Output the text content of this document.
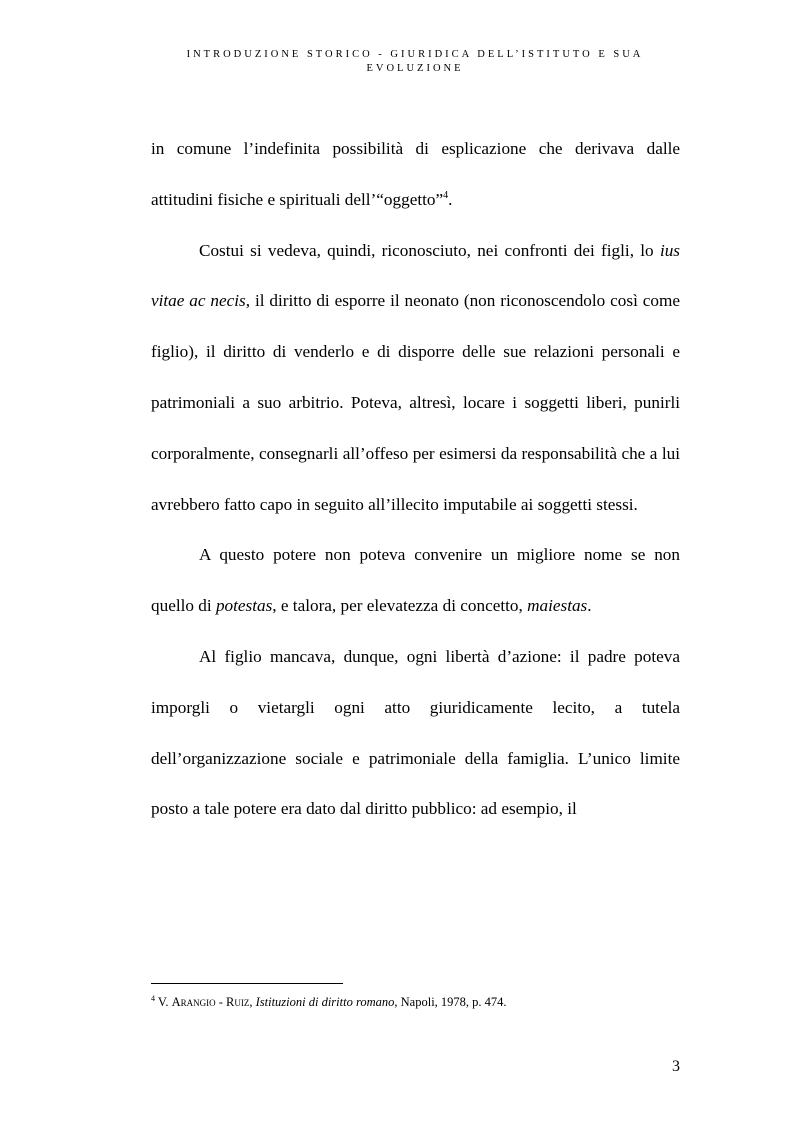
INTRODUZIONE STORICO - GIURIDICA DELL’ISTITUTO E SUA
EVOLUZIONE

in comune l’indefinita possibilità di esplicazione che derivava dalle attitudini fisiche e spirituali dell’“oggetto”$^4$.

Costui si vedeva, quindi, riconosciuto, nei confronti dei figli, lo ius vitae ac necis, il diritto di esporre il neonato (non riconoscendolo così come figlio), il diritto di venderlo e di disporre delle sue relazioni personali e patrimoniali a suo arbitrio. Poteva, altresì, locare i soggetti liberi, punirli corporalmente, consegnarli all’offeso per esimersi da responsabilità che a lui avrebbero fatto capo in seguito all’illecito imputabile ai soggetti stessi.

A questo potere non poteva convenire un migliore nome se non quello di potestas, e talora, per elevatezza di concetto, maiestas.

Al figlio mancava, dunque, ogni libertà d’azione: il padre poteva imporgli o vietargli ogni atto giuridicamente lecito, a tutela dell’organizzazione sociale e patrimoniale della famiglia. L’unico limite posto a tale potere era dato dal diritto pubblico: ad esempio, il

$^4$ V. Arangio - Ruiz, Istituzioni di diritto romano, Napoli, 1978, p. 474.
3
